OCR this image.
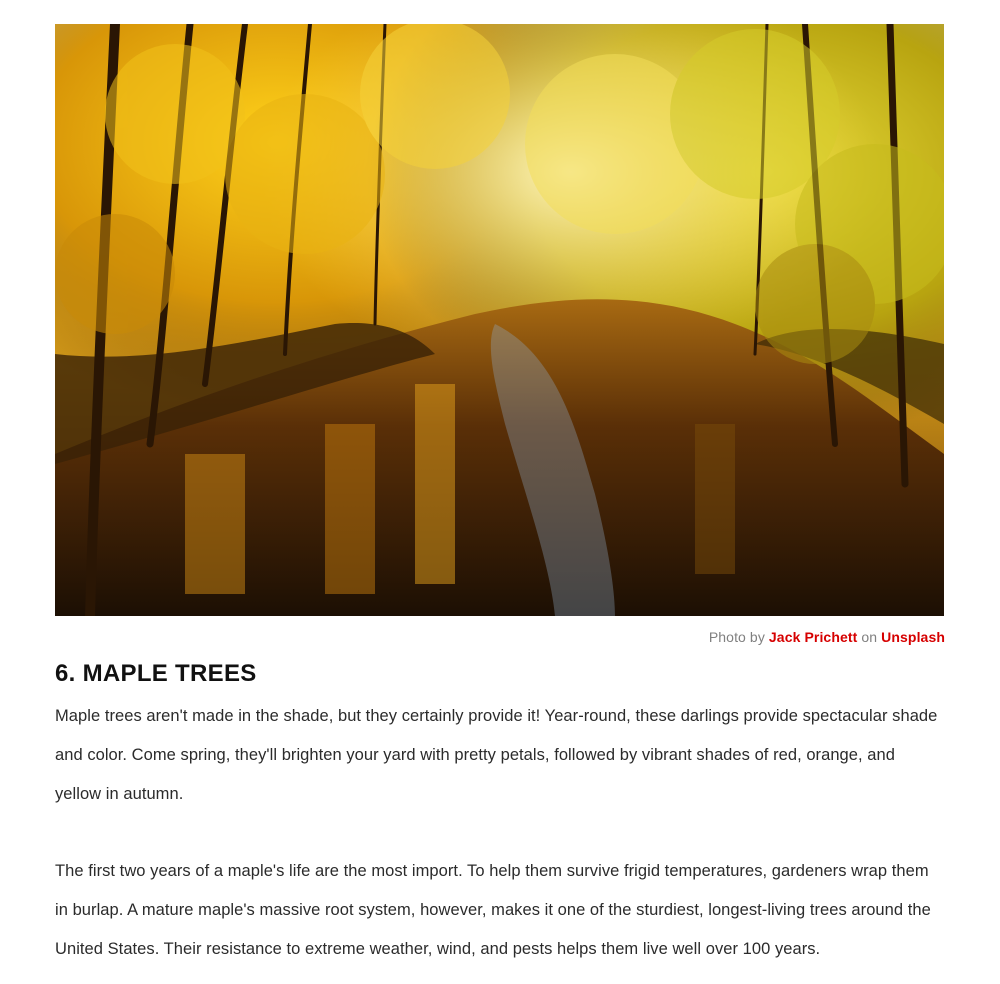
Photo by Jack Prichett on Unsplash
6. MAPLE TREES

Maple trees aren't made in the shade, but they certainly provide it! Year-round, these darlings provide spectacular shade and color. Come spring, they'll brighten your yard with pretty petals, followed by vibrant shades of red, orange, and yellow in autumn.

The first two years of a maple's life are the most import. To help them survive frigid temperatures, gardeners wrap them in burlap. A mature maple's massive root system, however, makes it one of the sturdiest, longest-living trees around the United States. Their resistance to extreme weather, wind, and pests helps them live well over 100 years.
